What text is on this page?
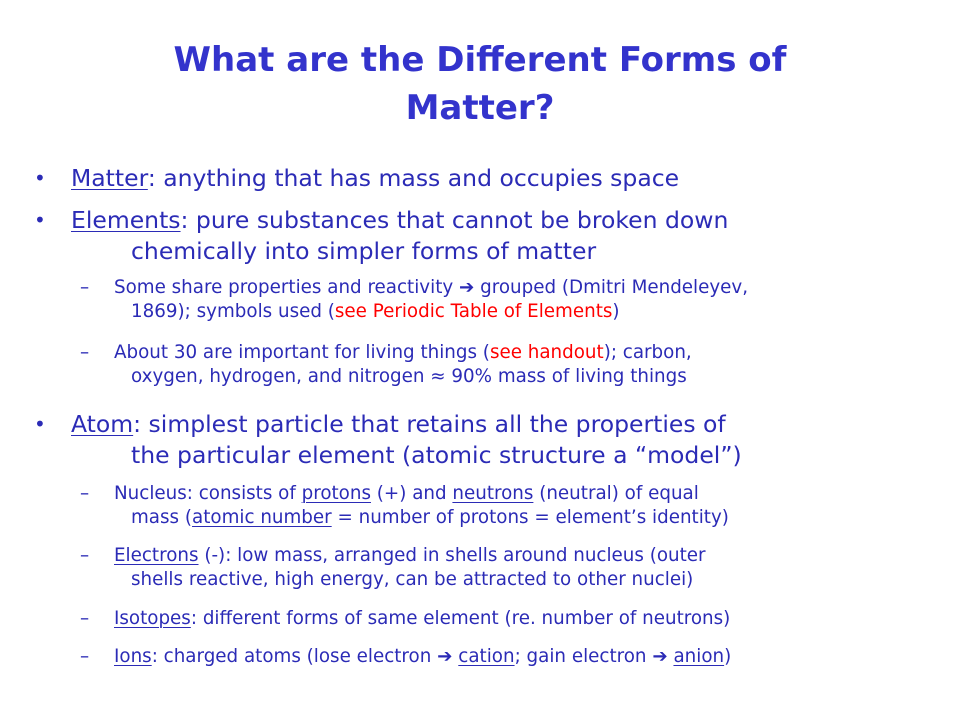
What are the Different Forms of
Matter?
• Matter: anything that has mass and occupies space
• Elements: pure substances that cannot be broken down
chemically into simpler forms of matter
– Some share properties and reactivity ➔ grouped (Dmitri Mendeleyev,
1869); symbols used (see Periodic Table of Elements)
– About 30 are important for living things (see handout); carbon,
oxygen, hydrogen, and nitrogen ≈ 90% mass of living things
• Atom: simplest particle that retains all the properties of
the particular element (atomic structure a “model”)
– Nucleus: consists of protons (+) and neutrons (neutral) of equal
mass (atomic number = number of protons = element’s identity)
– Electrons (-): low mass, arranged in shells around nucleus (outer
shells reactive, high energy, can be attracted to other nuclei)
– Isotopes: different forms of same element (re. number of neutrons)
– Ions: charged atoms (lose electron ➔ cation; gain electron ➔ anion)
